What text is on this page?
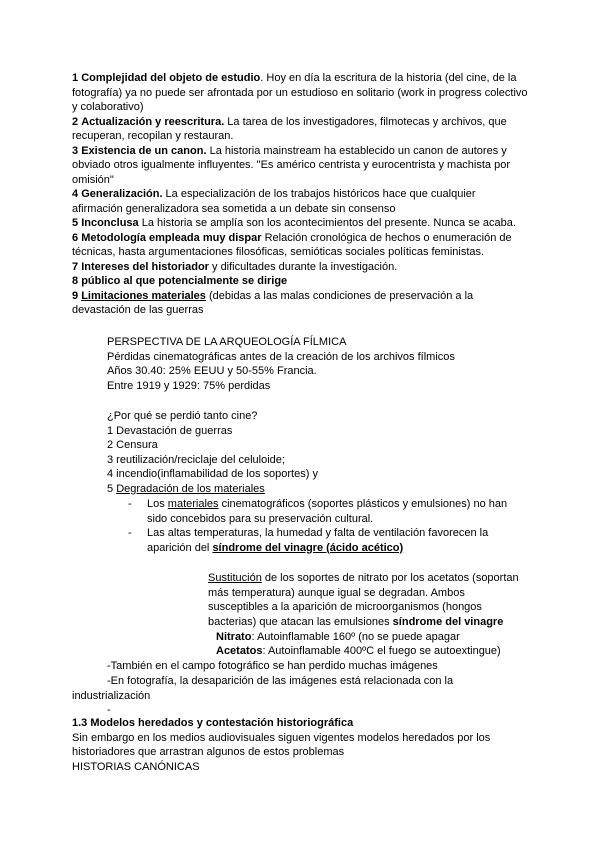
1 Complejidad del objeto de estudio. Hoy en día la escritura de la historia (del cine, de la fotografía) ya no puede ser afrontada por un estudioso en solitario (work in progress colectivo y colaborativo)
2 Actualización y reescritura. La tarea de los investigadores, filmotecas y archivos, que recuperan, recopilan y restauran.
3 Existencia de un canon. La historia mainstream ha establecido un canon de autores y obviado otros igualmente influyentes. "Es américo centrista y eurocentrista y machista por omisión"
4 Generalización. La especialización de los trabajos históricos hace que cualquier afirmación generalizadora sea sometida a un debate sin consenso
5 Inconclusa La historia se amplía son los acontecimientos del presente. Nunca se acaba.
6 Metodología empleada muy dispar Relación cronológica de hechos o enumeración de técnicas, hasta argumentaciones filosóficas, semióticas sociales políticas feministas.
7 Intereses del historiador y dificultades durante la investigación.
8 público al que potencialmente se dirige
9 Limitaciones materiales (debidas a las malas condiciones de preservación a la devastación de las guerras
PERSPECTIVA DE LA ARQUEOLOGÍA FÍLMICA
Pérdidas cinematográficas antes de la creación de los archivos fílmicos
Años 30.40: 25% EEUU y 50-55% Francia.
Entre 1919 y 1929: 75% perdidas
¿Por qué se perdió tanto cine?
1 Devastación de guerras
2 Censura
3 reutilización/reciclaje del celuloide;
4 incendio(inflamabilidad de los soportes) y
5 Degradación de los materiales
- Los materiales cinematográficos (soportes plásticos y emulsiones) no han sido concebidos para su preservación cultural.
- Las altas temperaturas, la humedad y falta de ventilación favorecen la aparición del síndrome del vinagre (ácido acético)
Sustitución de los soportes de nitrato por los acetatos (soportan más temperatura) aunque igual se degradan. Ambos susceptibles a la aparición de microorganismos (hongos bacterias) que atacan las emulsiones síndrome del vinagre
Nitrato: Autoinflamable 160º (no se puede apagar
Acetatos: Autoinflamable 400ºC el fuego se autoextingue)
-También en el campo fotográfico se han perdido muchas imágenes
-En fotografía, la desaparición de las imágenes está relacionada con la industrialización
-
1.3 Modelos heredados y contestación historiográfica
Sin embargo en los medios audiovisuales siguen vigentes modelos heredados por los historiadores que arrastran algunos de estos problemas
HISTORIAS CANÓNICAS
